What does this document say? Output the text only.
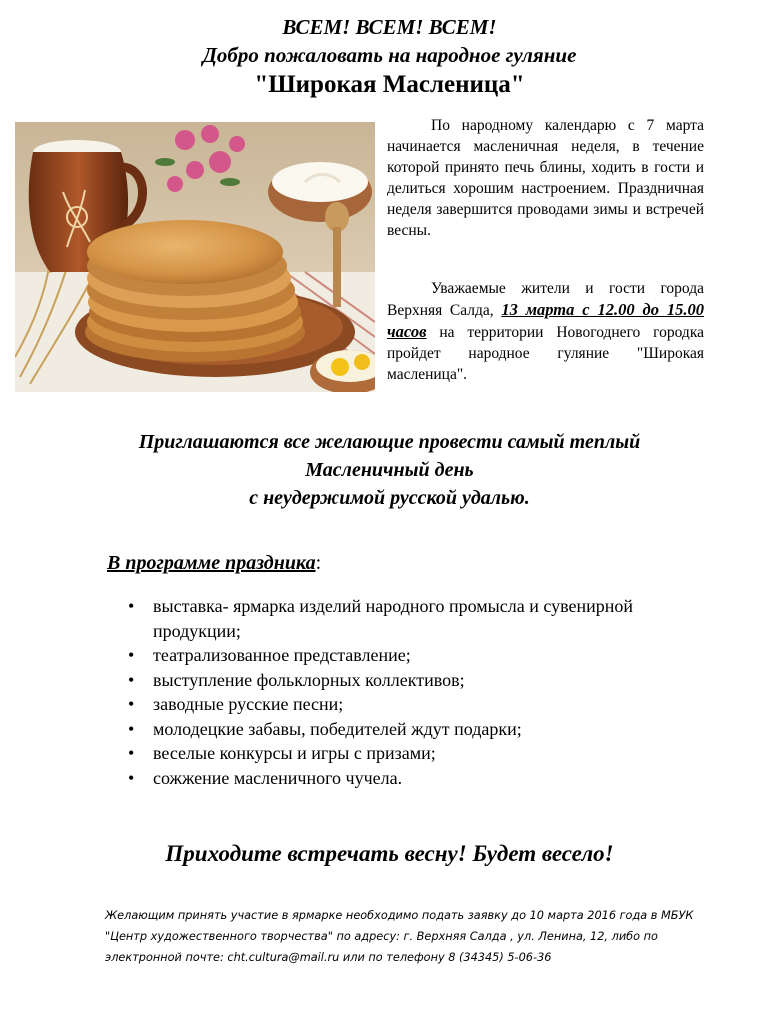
ВСЕМ! ВСЕМ! ВСЕМ!
Добро пожаловать на народное гуляние
"Широкая Масленица"

По народному календарю с 7 марта начинается масленичная неделя, в течение которой принято печь блины, ходить в гости и делиться хорошим настроением. Праздничная неделя завершится проводами зимы и встречей весны.

Уважаемые жители и гости города Верхняя Салда, 13 марта с 12.00 до 15.00 часов на территории Новогоднего городка пройдет народное гуляние "Широкая масленица".

Приглашаются все желающие провести самый теплый
Масленичный день
с неудержимой русской удалью.

В программе праздника:

• выставка- ярмарка изделий народного промысла и сувенирной продукции;
• театрализованное представление;
• выступление фольклорных коллективов;
• заводные русские песни;
• молодецкие забавы, победителей ждут подарки;
• веселые конкурсы и игры с призами;
• сожжение масленичного чучела.

Приходите встречать весну! Будет весело!

Желающим принять участие в ярмарке необходимо подать заявку до 10 марта 2016 года в МБУК "Центр художественного творчества" по адресу: г. Верхняя Салда , ул. Ленина, 12, либо по электронной почте: cht.cultura@mail.ru или по телефону 8 (34345) 5-06-36
